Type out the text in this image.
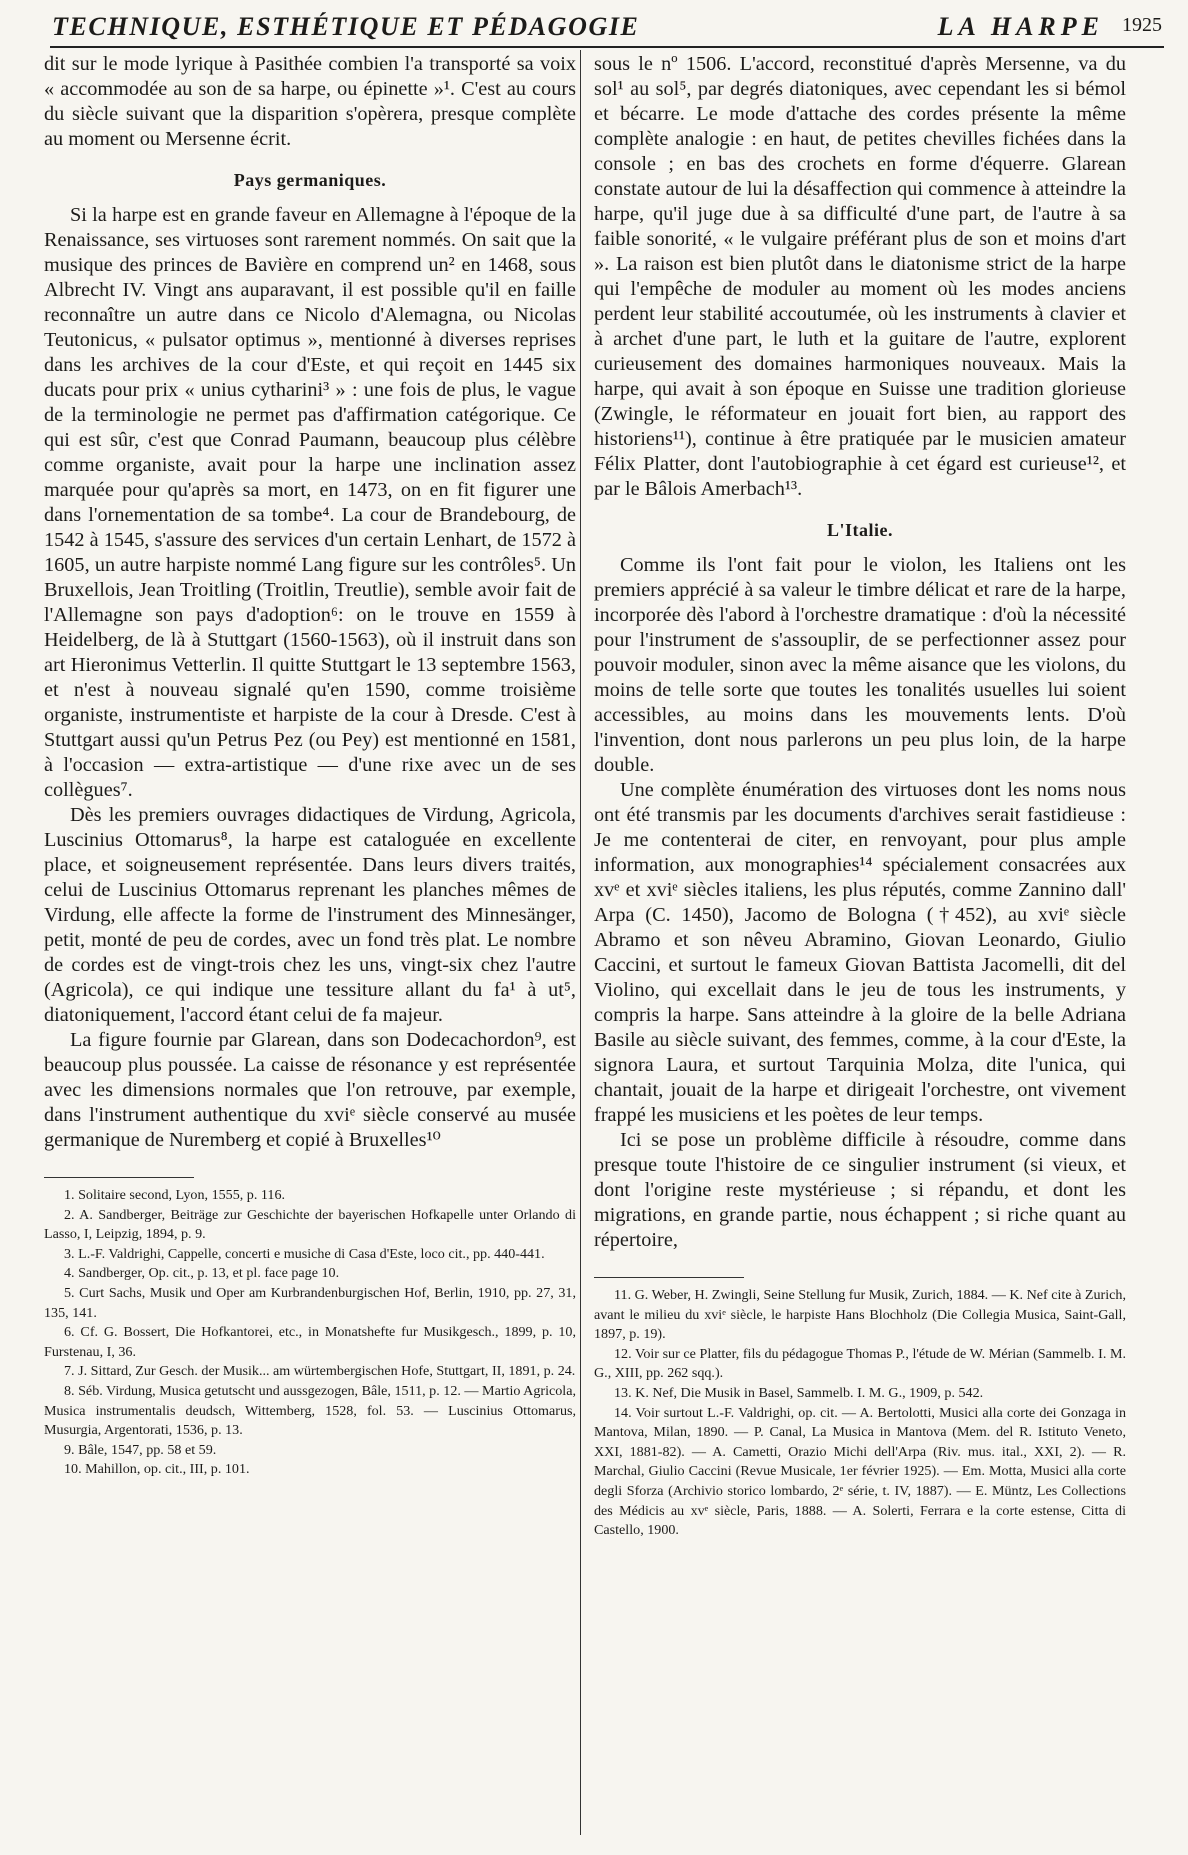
TECHNIQUE, ESTHÉTIQUE ET PÉDAGOGIE	LA HARPE 1925

dit sur le mode lyrique à Pasithée combien l'a transporté sa voix « accommodée au son de sa harpe, ou épinette »¹. C'est au cours du siècle suivant que la disparition s'opèrera, presque complète au moment ou Mersenne écrit.

Pays germaniques.

Si la harpe est en grande faveur en Allemagne à l'époque de la Renaissance, ses virtuoses sont rarement nommés. On sait que la musique des princes de Bavière en comprend un² en 1468, sous Albrecht IV. Vingt ans auparavant, il est possible qu'il en faille reconnaître un autre dans ce Nicolo d'Alemagna, ou Nicolas Teutonicus, « pulsator optimus », mentionné à diverses reprises dans les archives de la cour d'Este, et qui reçoit en 1445 six ducats pour prix « unius cytharini³ » : une fois de plus, le vague de la terminologie ne permet pas d'affirmation catégorique. Ce qui est sûr, c'est que Conrad Paumann, beaucoup plus célèbre comme organiste, avait pour la harpe une inclination assez marquée pour qu'après sa mort, en 1473, on en fit figurer une dans l'ornementation de sa tombe⁴. La cour de Brandebourg, de 1542 à 1545, s'assure des services d'un certain Lenhart, de 1572 à 1605, un autre harpiste nommé Lang figure sur les contrôles⁵. Un Bruxellois, Jean Troitling (Troitlin, Treutlie), semble avoir fait de l'Allemagne son pays d'adoption⁶: on le trouve en 1559 à Heidelberg, de là à Stuttgart (1560-1563), où il instruit dans son art Hieronimus Vetterlin. Il quitte Stuttgart le 13 septembre 1563, et n'est à nouveau signalé qu'en 1590, comme troisième organiste, instrumentiste et harpiste de la cour à Dresde. C'est à Stuttgart aussi qu'un Petrus Pez (ou Pey) est mentionné en 1581, à l'occasion — extra-artistique — d'une rixe avec un de ses collègues⁷.

Dès les premiers ouvrages didactiques de Virdung, Agricola, Luscinius Ottomarus⁸, la harpe est cataloguée en excellente place, et soigneusement représentée. Dans leurs divers traités, celui de Luscinius Ottomarus reprenant les planches mêmes de Virdung, elle affecte la forme de l'instrument des Minnesänger, petit, monté de peu de cordes, avec un fond très plat. Le nombre de cordes est de vingt-trois chez les uns, vingt-six chez l'autre (Agricola), ce qui indique une tessiture allant du fa¹ à ut⁵, diatoniquement, l'accord étant celui de fa majeur.

La figure fournie par Glarean, dans son Dodecachordon⁹, est beaucoup plus poussée. La caisse de résonance y est représentée avec les dimensions normales que l'on retrouve, par exemple, dans l'instrument authentique du xviᵉ siècle conservé au musée germanique de Nuremberg et copié à Bruxelles¹⁰

1. Solitaire second, Lyon, 1555, p. 116.
2. A. Sandberger, Beiträge zur Geschichte der bayerischen Hofkapelle unter Orlando di Lasso, I, Leipzig, 1894, p. 9.
3. L.-F. Valdrighi, Cappelle, concerti e musiche di Casa d'Este, loco cit., pp. 440-441.
4. Sandberger, Op. cit., p. 13, et pl. face page 10.
5. Curt Sachs, Musik und Oper am Kurbrandenburgischen Hof, Berlin, 1910, pp. 27, 31, 135, 141.
6. Cf. G. Bossert, Die Hofkantorei, etc., in Monatshefte fur Musikgesch., 1899, p. 10, Furstenau, I, 36.
7. J. Sittard, Zur Gesch. der Musik... am würtembergischen Hofe, Stuttgart, II, 1891, p. 24.
8. Séb. Virdung, Musica getutscht und aussgezogen, Bâle, 1511, p. 12. — Martio Agricola, Musica instrumentalis deudsch, Wittemberg, 1528, fol. 53. — Luscinius Ottomarus, Musurgia, Argentorati, 1536, p. 13.
9. Bâle, 1547, pp. 58 et 59.
10. Mahillon, op. cit., III, p. 101.

sous le nº 1506. L'accord, reconstitué d'après Mersenne, va du sol¹ au sol⁵, par degrés diatoniques, avec cependant les si bémol et bécarre. Le mode d'attache des cordes présente la même complète analogie : en haut, de petites chevilles fichées dans la console ; en bas des crochets en forme d'équerre. Glarean constate autour de lui la désaffection qui commence à atteindre la harpe, qu'il juge due à sa difficulté d'une part, de l'autre à sa faible sonorité, « le vulgaire préférant plus de son et moins d'art ». La raison est bien plutôt dans le diatonisme strict de la harpe qui l'empêche de moduler au moment où les modes anciens perdent leur stabilité accoutumée, où les instruments à clavier et à archet d'une part, le luth et la guitare de l'autre, explorent curieusement des domaines harmoniques nouveaux. Mais la harpe, qui avait à son époque en Suisse une tradition glorieuse (Zwingle, le réformateur en jouait fort bien, au rapport des historiens¹¹), continue à être pratiquée par le musicien amateur Félix Platter, dont l'autobiographie à cet égard est curieuse¹², et par le Bâlois Amerbach¹³.

L'Italie.

Comme ils l'ont fait pour le violon, les Italiens ont les premiers apprécié à sa valeur le timbre délicat et rare de la harpe, incorporée dès l'abord à l'orchestre dramatique : d'où la nécessité pour l'instrument de s'assouplir, de se perfectionner assez pour pouvoir moduler, sinon avec la même aisance que les violons, du moins de telle sorte que toutes les tonalités usuelles lui soient accessibles, au moins dans les mouvements lents. D'où l'invention, dont nous parlerons un peu plus loin, de la harpe double.

Une complète énumération des virtuoses dont les noms nous ont été transmis par les documents d'archives serait fastidieuse : Je me contenterai de citer, en renvoyant, pour plus ample information, aux monographies¹⁴ spécialement consacrées aux xvᵉ et xviᵉ siècles italiens, les plus réputés, comme Zannino dall' Arpa (C. 1450), Jacomo de Bologna (†452), au xviᵉ siècle Abramo et son nêveu Abramino, Giovan Leonardo, Giulio Caccini, et surtout le fameux Giovan Battista Jacomelli, dit del Violino, qui excellait dans le jeu de tous les instruments, y compris la harpe. Sans atteindre à la gloire de la belle Adriana Basile au siècle suivant, des femmes, comme, à la cour d'Este, la signora Laura, et surtout Tarquinia Molza, dite l'unica, qui chantait, jouait de la harpe et dirigeait l'orchestre, ont vivement frappé les musiciens et les poètes de leur temps.

Ici se pose un problème difficile à résoudre, comme dans presque toute l'histoire de ce singulier instrument (si vieux, et dont l'origine reste mystérieuse ; si répandu, et dont les migrations, en grande partie, nous échappent ; si riche quant au répertoire,

11. G. Weber, H. Zwingli, Seine Stellung fur Musik, Zurich, 1884. — K. Nef cite à Zurich, avant le milieu du xviᵉ siècle, le harpiste Hans Blochholz (Die Collegia Musica, Saint-Gall, 1897, p. 19).
12. Voir sur ce Platter, fils du pédagogue Thomas P., l'étude de W. Mérian (Sammelb. I. M. G., XIII, pp. 262 sqq.).
13. K. Nef, Die Musik in Basel, Sammelb. I. M. G., 1909, p. 542.
14. Voir surtout L.-F. Valdrighi, op. cit. — A. Bertolotti, Musici alla corte dei Gonzaga in Mantova, Milan, 1890. — P. Canal, La Musica in Mantova (Mem. del R. Istituto Veneto, XXI, 1881-82). — A. Cametti, Orazio Michi dell'Arpa (Riv. mus. ital., XXI, 2). — R. Marchal, Giulio Caccini (Revue Musicale, 1er février 1925). — Em. Motta, Musici alla corte degli Sforza (Archivio storico lombardo, 2ᵉ série, t. IV, 1887). — E. Müntz, Les Collections des Médicis au xvᵉ siècle, Paris, 1888. — A. Solerti, Ferrara e la corte estense, Citta di Castello, 1900.
